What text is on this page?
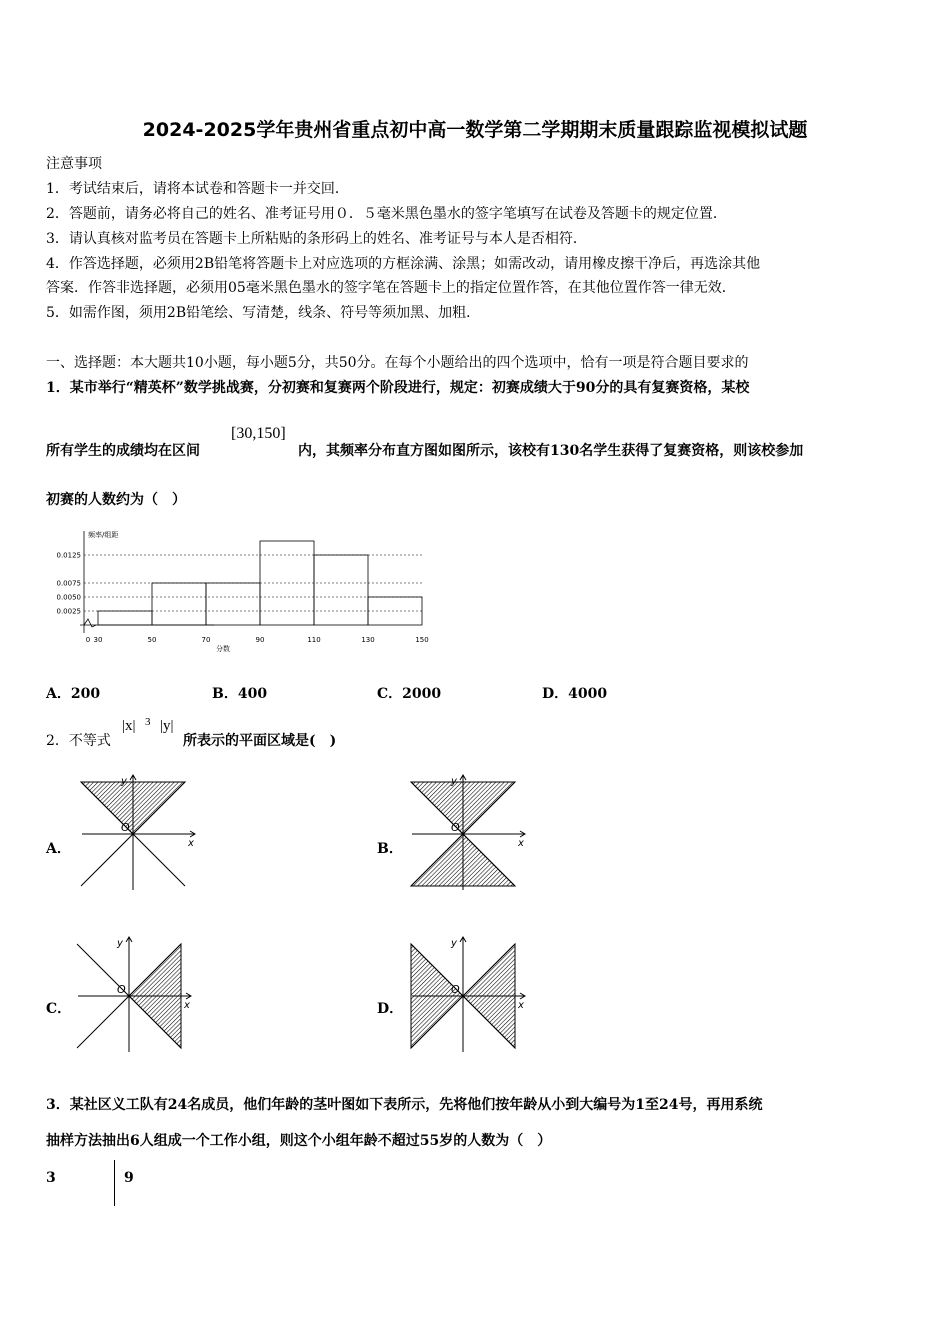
2024-2025学年贵州省重点初中高一数学第二学期期末质量跟踪监视模拟试题
注意事项
1．考试结束后，请将本试卷和答题卡一并交回．
2．答题前，请务必将自己的姓名、准考证号用０．５毫米黑色墨水的签字笔填写在试卷及答题卡的规定位置．
3．请认真核对监考员在答题卡上所粘贴的条形码上的姓名、准考证号与本人是否相符．
4．作答选择题，必须用2B铅笔将答题卡上对应选项的方框涂满、涂黑；如需改动，请用橡皮擦干净后，再选涂其他
答案．作答非选择题，必须用05毫米黑色墨水的签字笔在答题卡上的指定位置作答，在其他位置作答一律无效．
5．如需作图，须用2B铅笔绘、写清楚，线条、符号等须加黑、加粗．
一、选择题：本大题共10小题，每小题5分，共50分。在每个小题给出的四个选项中，恰有一项是符合题目要求的
1．某市举行“精英杯”数学挑战赛，分初赛和复赛两个阶段进行，规定：初赛成绩大于90分的具有复赛资格，某校
所有学生的成绩均在区间
[30,150]
内，其频率分布直方图如图所示，该校有130名学生获得了复赛资格，则该校参加
初赛的人数约为（　）
频率/组距
分数
0.0125
0.0075
0.0050
0.0025
0 30	50	70	90	110	130	150
A．200	B．400	C．2000	D．4000
2．不等式
|x| 3 |y|
所表示的平面区域是(　)
A．	x
y
O
B．	x
y
O
C．	x
y
O
D．	x
y
O
3．某社区义工队有24名成员，他们年龄的茎叶图如下表所示，先将他们按年龄从小到大编号为1至24号，再用系统
抽样方法抽出6人组成一个工作小组，则这个小组年龄不超过55岁的人数为（　）
3	9
